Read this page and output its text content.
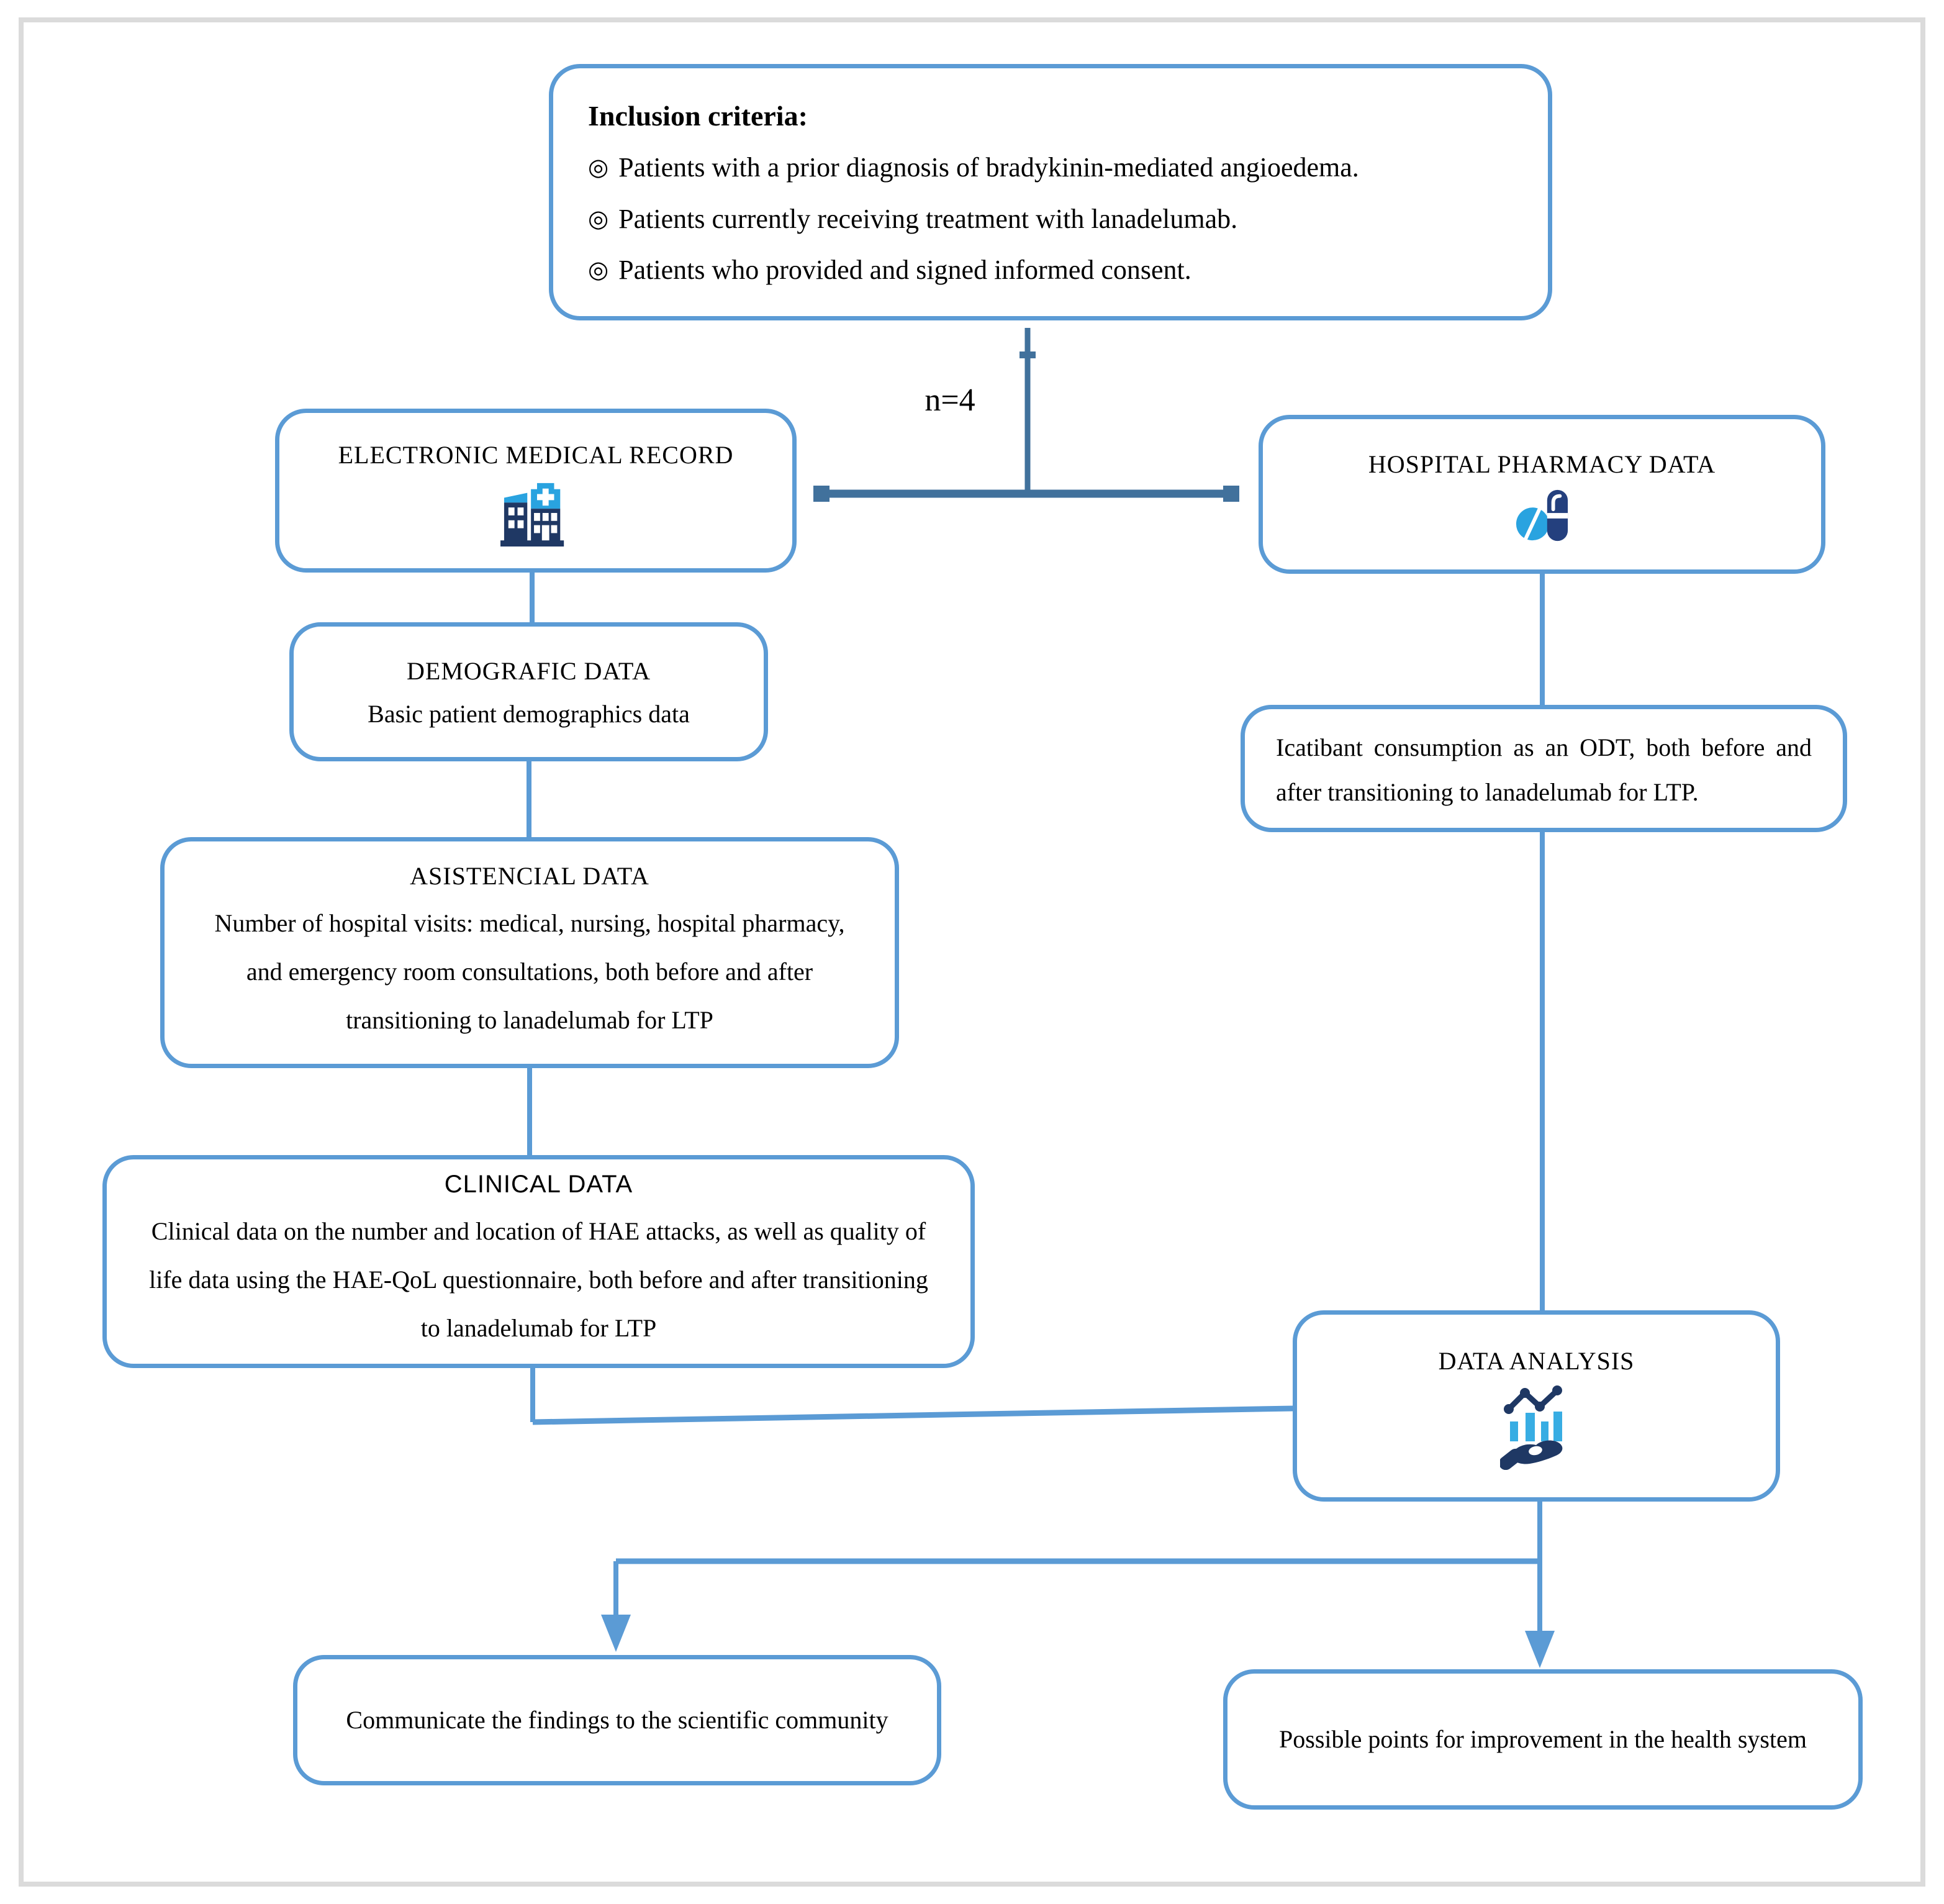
n=4
Inclusion criteria:
◎ Patients with a prior diagnosis of bradykinin-mediated angioedema.
◎ Patients currently receiving treatment with lanadelumab.
◎ Patients who provided and signed informed consent.
ELECTRONIC MEDICAL RECORD	HOSPITAL PHARMACY DATA
DEMOGRAFIC DATA
Basic patient demographics data
ASISTENCIAL DATA
Number of hospital visits: medical, nursing, hospital pharmacy, and emergency room consultations, both before and after transitioning to lanadelumab for LTP
CLINICAL DATA
Clinical data on the number and location of HAE attacks, as well as quality of life data using the HAE-QoL questionnaire, both before and after transitioning to lanadelumab for LTP
Icatibant consumption as an ODT, both before and after transitioning to lanadelumab for LTP.
DATA ANALYSIS
Communicate the findings to the scientific community
Possible points for improvement in the health system
